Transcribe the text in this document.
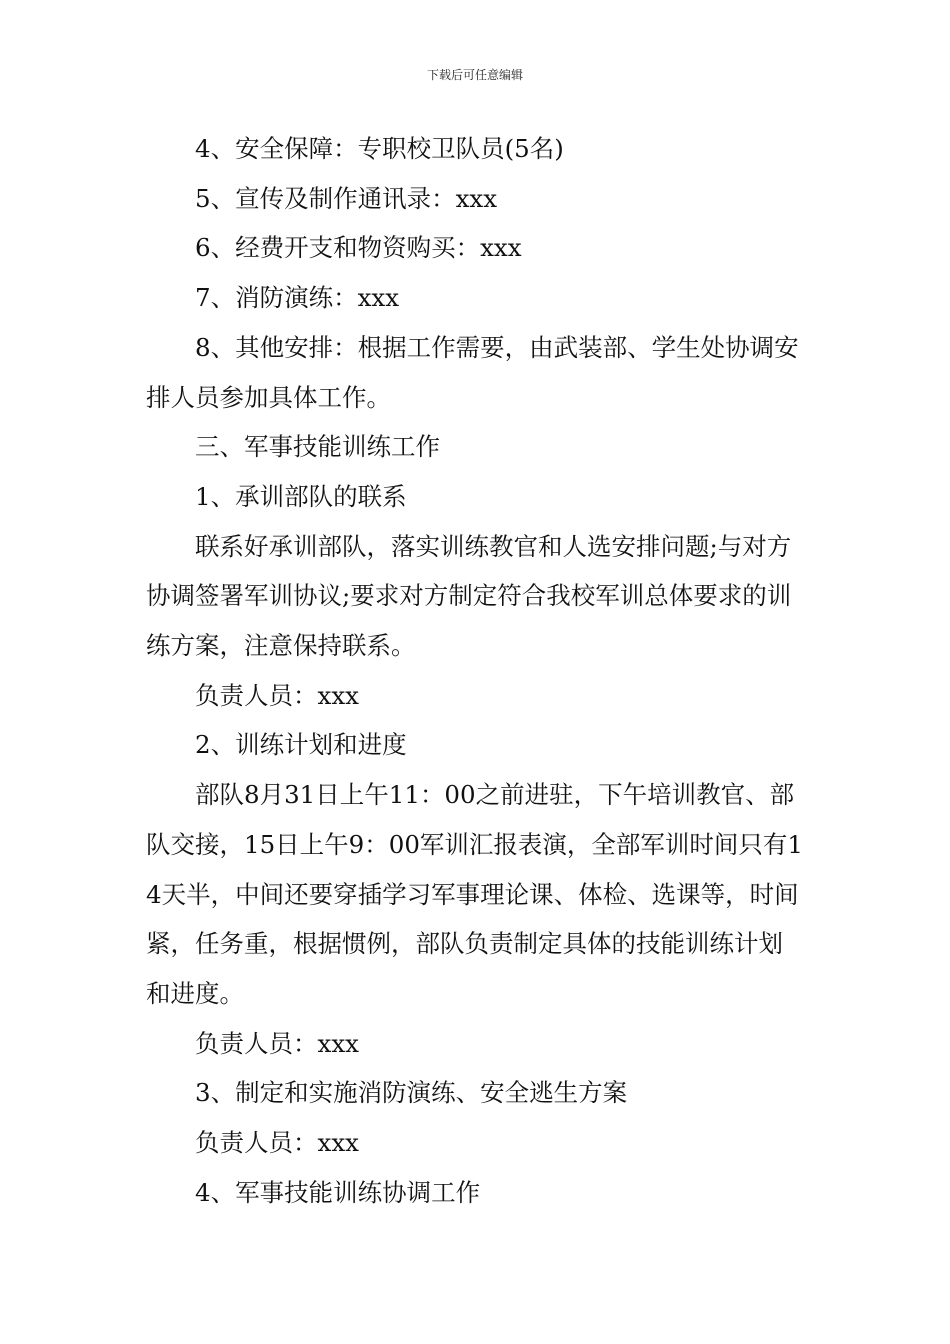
下载后可任意编辑

4、安全保障：专职校卫队员(5名)

5、宣传及制作通讯录：xxx

6、经费开支和物资购买：xxx

7、消防演练：xxx

8、其他安排：根据工作需要，由武装部、学生处协调安排人员参加具体工作。

三、军事技能训练工作

1、承训部队的联系

联系好承训部队，落实训练教官和人选安排问题;与对方协调签署军训协议;要求对方制定符合我校军训总体要求的训练方案，注意保持联系。

负责人员：xxx

2、训练计划和进度

部队8月31日上午11：00之前进驻，下午培训教官、部队交接，15日上午9：00军训汇报表演，全部军训时间只有14天半，中间还要穿插学习军事理论课、体检、选课等，时间紧，任务重，根据惯例，部队负责制定具体的技能训练计划和进度。

负责人员：xxx

3、制定和实施消防演练、安全逃生方案

负责人员：xxx

4、军事技能训练协调工作
